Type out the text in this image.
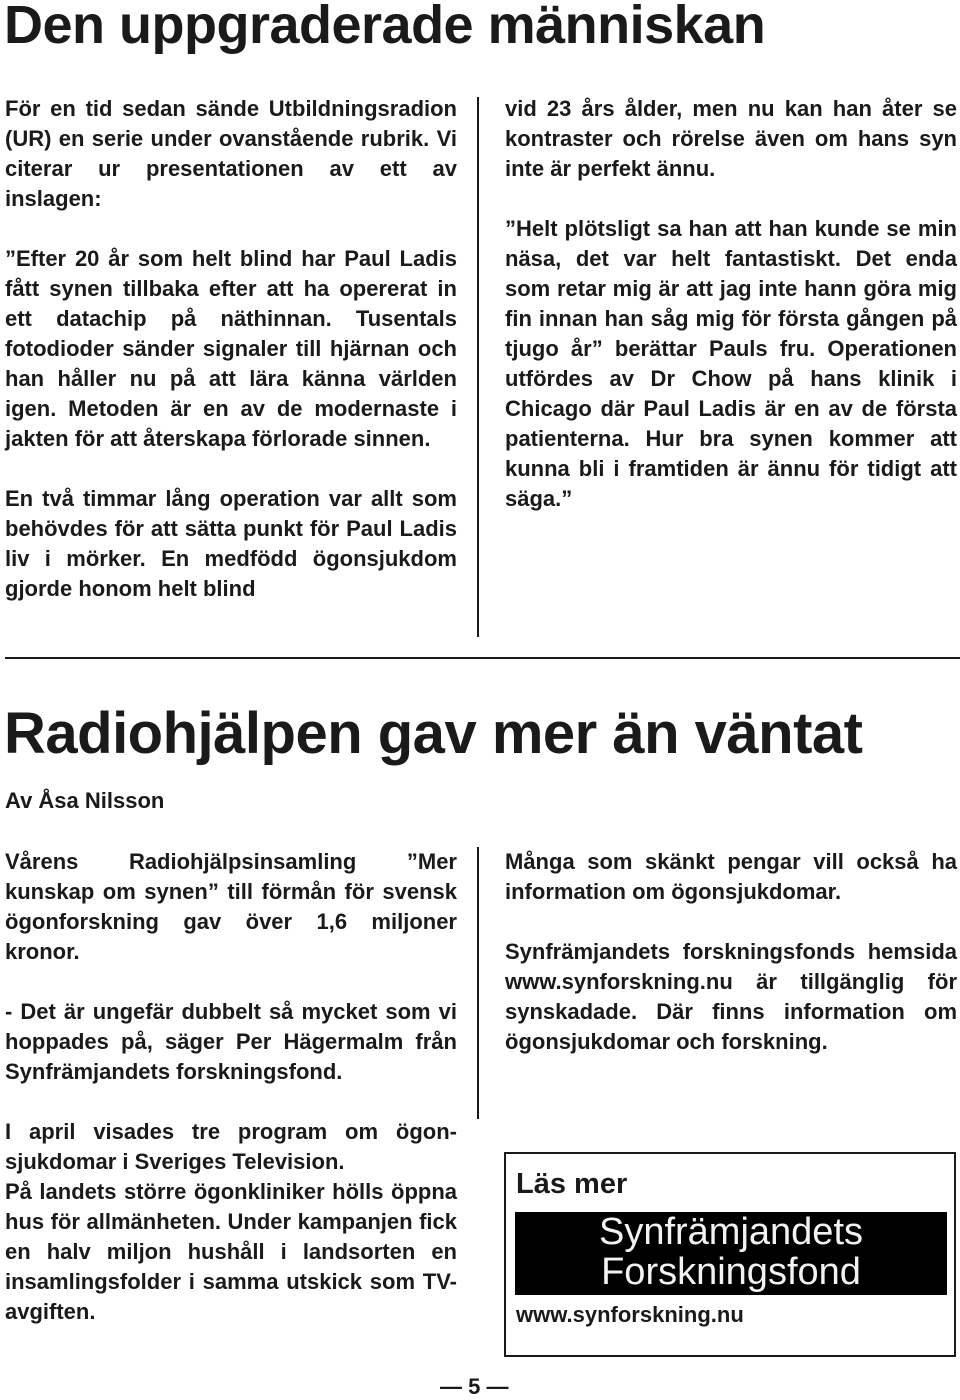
Den uppgraderade människan

För en tid sedan sände Utbildningsradion (UR) en serie under ovanstående rubrik. Vi citerar ur presentationen av ett av inslagen:

”Efter 20 år som helt blind har Paul Ladis fått synen tillbaka efter att ha opererat in ett datachip på näthinnan. Tusentals fotodioder sänder signaler till hjärnan och han håller nu på att lära känna världen igen. Metoden är en av de modernaste i jakten för att återskapa förlorade sinnen.

En två timmar lång operation var allt som behövdes för att sätta punkt för Paul Ladis liv i mörker. En medfödd ögonsjukdom gjorde honom helt blind

vid 23 års ålder, men nu kan han åter se kontraster och rörelse även om hans syn inte är perfekt ännu.

”Helt plötsligt sa han att han kunde se min näsa, det var helt fantastiskt. Det enda som retar mig är att jag inte hann göra mig fin innan han såg mig för första gången på tjugo år” berättar Pauls fru. Operationen utfördes av Dr Chow på hans klinik i Chicago där Paul Ladis är en av de första patienterna. Hur bra synen kommer att kunna bli i framtiden är ännu för tidigt att säga.”

Radiohjälpen gav mer än väntat

Av Åsa Nilsson

Vårens Radiohjälpsinsamling ”Mer kunskap om synen” till förmån för svensk ögonforskning gav över 1,6 miljoner kronor.

- Det är ungefär dubbelt så mycket som vi hoppades på, säger Per Hägermalm från Synfrämjandets forskningsfond.

I april visades tre program om ögonsjukdomar i Sveriges Television.

På landets större ögonkliniker hölls öppna hus för allmänheten. Under kampanjen fick en halv miljon hushåll i landsorten en insamlingsfolder i samma utskick som TV-avgiften.

Många som skänkt pengar vill också ha information om ögonsjukdomar.

Synfrämjandets forskningsfonds hemsida www.synforskning.nu är tillgänglig för synskadade. Där finns information om ögonsjukdomar och forskning.

Läs mer
Synfrämjandets
Forskningsfond
www.synforskning.nu
— 5 —
